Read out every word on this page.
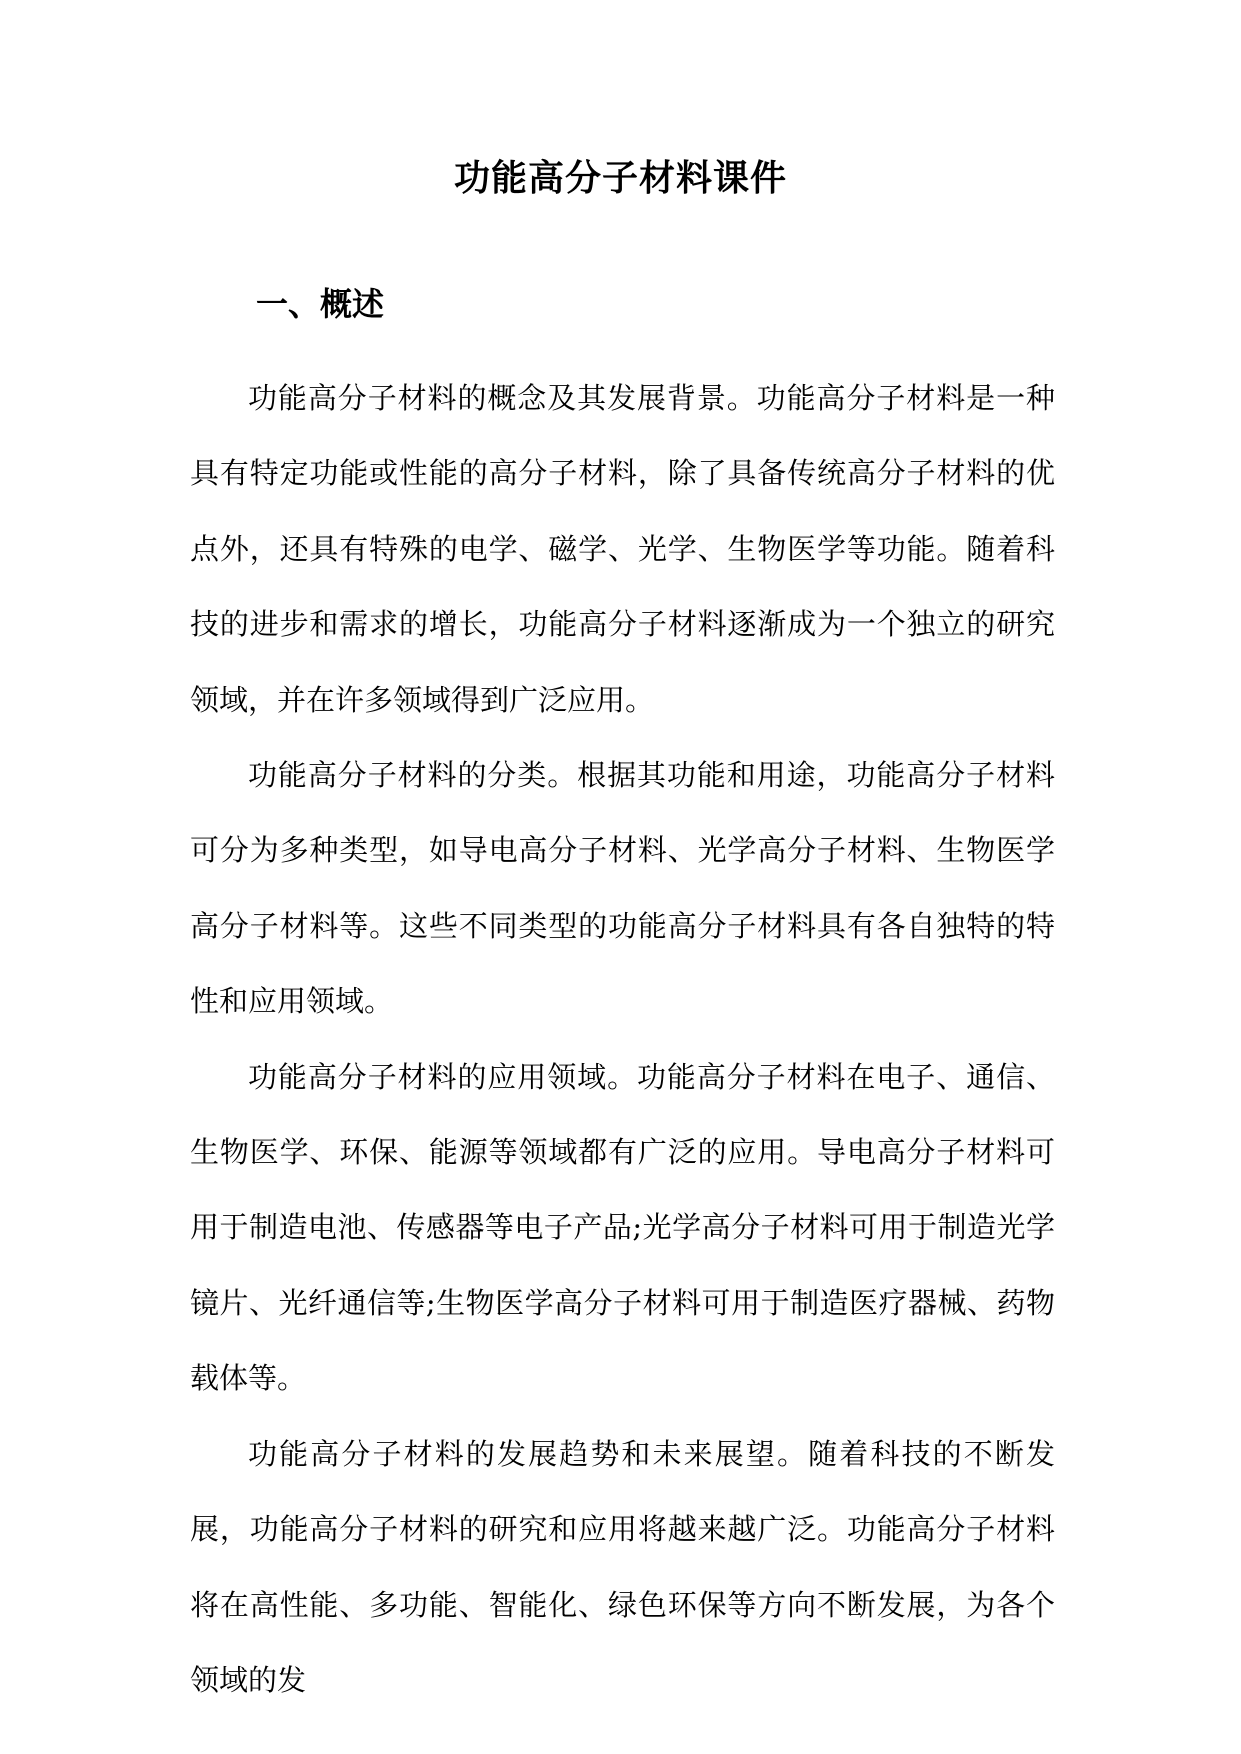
功能高分子材料课件
一、概述

功能高分子材料的概念及其发展背景。功能高分子材料是一种具有特定功能或性能的高分子材料，除了具备传统高分子材料的优点外，还具有特殊的电学、磁学、光学、生物医学等功能。随着科技的进步和需求的增长，功能高分子材料逐渐成为一个独立的研究领域，并在许多领域得到广泛应用。

功能高分子材料的分类。根据其功能和用途，功能高分子材料可分为多种类型，如导电高分子材料、光学高分子材料、生物医学高分子材料等。这些不同类型的功能高分子材料具有各自独特的特性和应用领域。

功能高分子材料的应用领域。功能高分子材料在电子、通信、生物医学、环保、能源等领域都有广泛的应用。导电高分子材料可用于制造电池、传感器等电子产品;光学高分子材料可用于制造光学镜片、光纤通信等;生物医学高分子材料可用于制造医疗器械、药物载体等。

功能高分子材料的发展趋势和未来展望。随着科技的不断发展，功能高分子材料的研究和应用将越来越广泛。功能高分子材料将在高性能、多功能、智能化、绿色环保等方向不断发展，为各个领域的发
